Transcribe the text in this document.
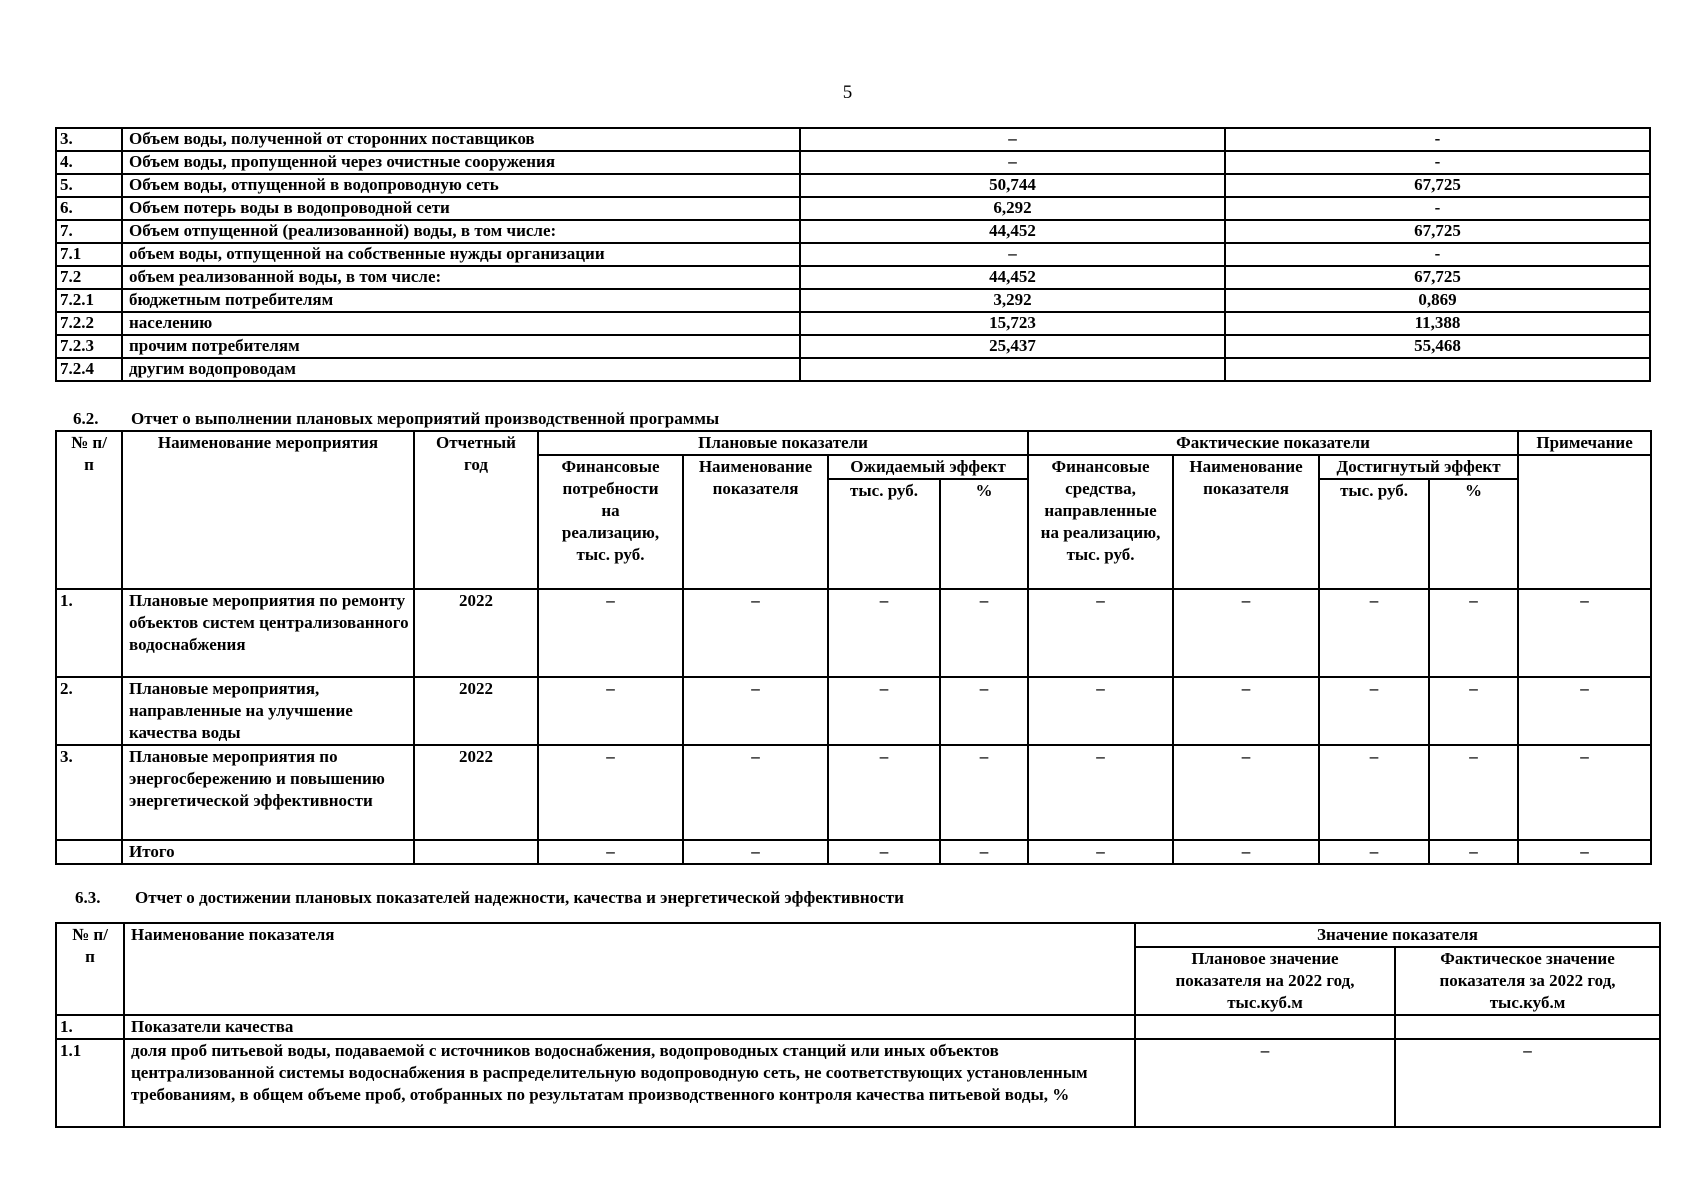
5
3.	Объем воды, полученной от сторонних поставщиков	–	-
4.	Объем воды, пропущенной через очистные сооружения	–	-
5.	Объем воды, отпущенной в водопроводную сеть	50,744	67,725
6.	Объем потерь воды в водопроводной сети	6,292	-
7.	Объем отпущенной (реализованной) воды, в том числе:	44,452	67,725
7.1	объем воды, отпущенной на собственные нужды организации	–	-
7.2	объем реализованной воды, в том числе:	44,452	67,725
7.2.1	бюджетным потребителям	3,292	0,869
7.2.2	населению	15,723	11,388
7.2.3	прочим потребителям	25,437	55,468
7.2.4	другим водопроводам		
6.2. Отчет о выполнении плановых мероприятий производственной программы
№ п/п	Наименование мероприятия	Отчетный год	Плановые показатели				Фактические показатели				Примечание

			Финансовые потребности на реализацию, тыс. руб.	Наименование показателя	Ожидаемый эффект		Финансовые средства, направленные на реализацию, тыс. руб.	Наименование показателя	Достигнутый эффект		
					тыс. руб.	%			тыс. руб.	%	
1.	Плановые мероприятия по ремонту объектов систем централизованного водоснабжения	2022	–	–	–	–	–	–	–	–	–
2.	Плановые мероприятия, направленные на улучшение качества воды	2022	–	–	–	–	–	–	–	–	–
3.	Плановые мероприятия по энергосбережению и повышению энергетической эффективности	2022	–	–	–	–	–	–	–	–	–
	Итого		–	–	–	–	–	–	–	–	–
6.3. Отчет о достижении плановых показателей надежности, качества и энергетической эффективности
№ п/п	Наименование показателя	Значение показателя	

		Плановое значение показателя на 2022 год, тыс.куб.м	Фактическое значение показателя за 2022 год, тыс.куб.м

1.	Показатели качества		
1.1	доля проб питьевой воды, подаваемой с источников водоснабжения, водопроводных станций или иных объектов централизованной системы водоснабжения в распределительную водопроводную сеть, не соответствующих установленным требованиям, в общем объеме проб, отобранных по результатам производственного контроля качества питьевой воды, %	–	–
